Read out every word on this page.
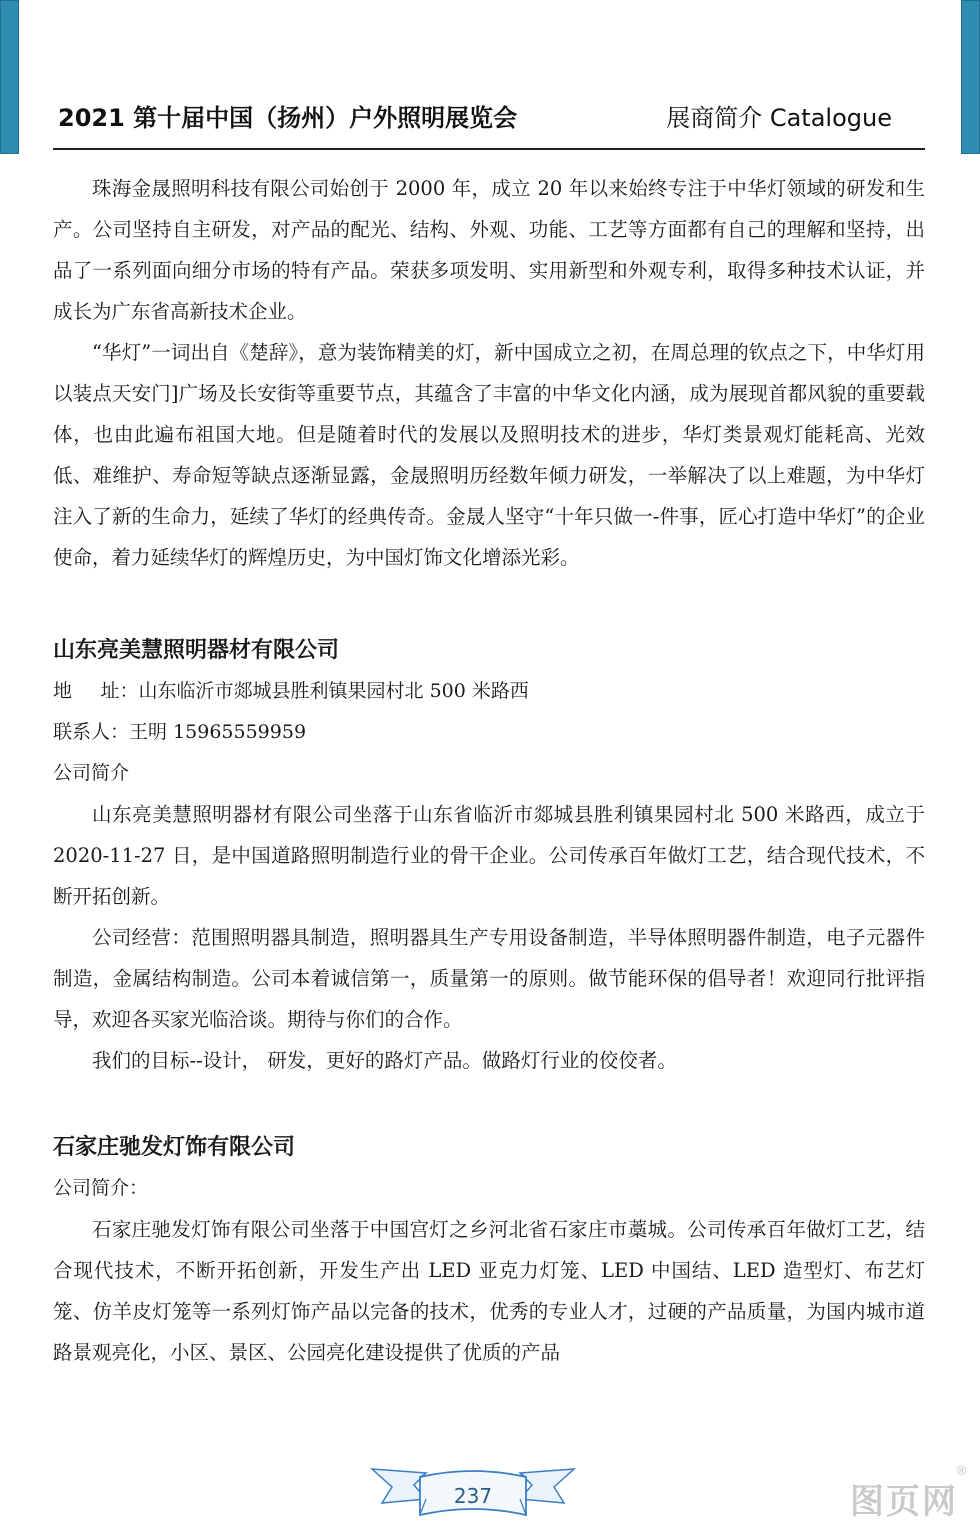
2021 第十届中国（扬州）户外照明展览会	展商简介 Catalogue

珠海金晟照明科技有限公司始创于 2000 年，成立 20 年以来始终专注于中华灯领域的研发和生产。公司坚持自主研发，对产品的配光、结构、外观、功能、工艺等方面都有自己的理解和坚持，出品了一系列面向细分市场的特有产品。荣获多项发明、实用新型和外观专利，取得多种技术认证，并成长为广东省高新技术企业。

“华灯”一词出自《楚辞》，意为装饰精美的灯，新中国成立之初，在周总理的钦点之下，中华灯用以装点天安门]广场及长安街等重要节点，其蕴含了丰富的中华文化内涵，成为展现首都风貌的重要载体，也由此遍布祖国大地。但是随着时代的发展以及照明技术的进步，华灯类景观灯能耗高、光效低、难维护、寿命短等缺点逐渐显露，金晟照明历经数年倾力研发，一举解决了以上难题，为中华灯注入了新的生命力，延续了华灯的经典传奇。金晟人坚守“十年只做一-件事，匠心打造中华灯”的企业使命，着力延续华灯的辉煌历史，为中国灯饰文化增添光彩。

山东亮美慧照明器材有限公司

地 址：山东临沂市郯城县胜利镇果园村北 500 米路西

联系人：王明 15965559959

公司简介

山东亮美慧照明器材有限公司坐落于山东省临沂市郯城县胜利镇果园村北 500 米路西，成立于 2020-11-27 日，是中国道路照明制造行业的骨干企业。公司传承百年做灯工艺，结合现代技术，不断开拓创新。

公司经营：范围照明器具制造，照明器具生产专用设备制造，半导体照明器件制造，电子元器件制造，金属结构制造。公司本着诚信第一，质量第一的原则。做节能环保的倡导者！欢迎同行批评指导，欢迎各买家光临洽谈。期待与你们的合作。

我们的目标--设计， 研发，更好的路灯产品。做路灯行业的佼佼者。

石家庄驰发灯饰有限公司

公司简介：

石家庄驰发灯饰有限公司坐落于中国宫灯之乡河北省石家庄市藁城。公司传承百年做灯工艺，结合现代技术，不断开拓创新，开发生产出 LED 亚克力灯笼、LED 中国结、LED 造型灯、布艺灯笼、仿羊皮灯笼等一系列灯饰产品以完备的技术，优秀的专业人才，过硬的产品质量，为国内城市道路景观亮化，小区、景区、公园亮化建设提供了优质的产品

237	图页网
®
